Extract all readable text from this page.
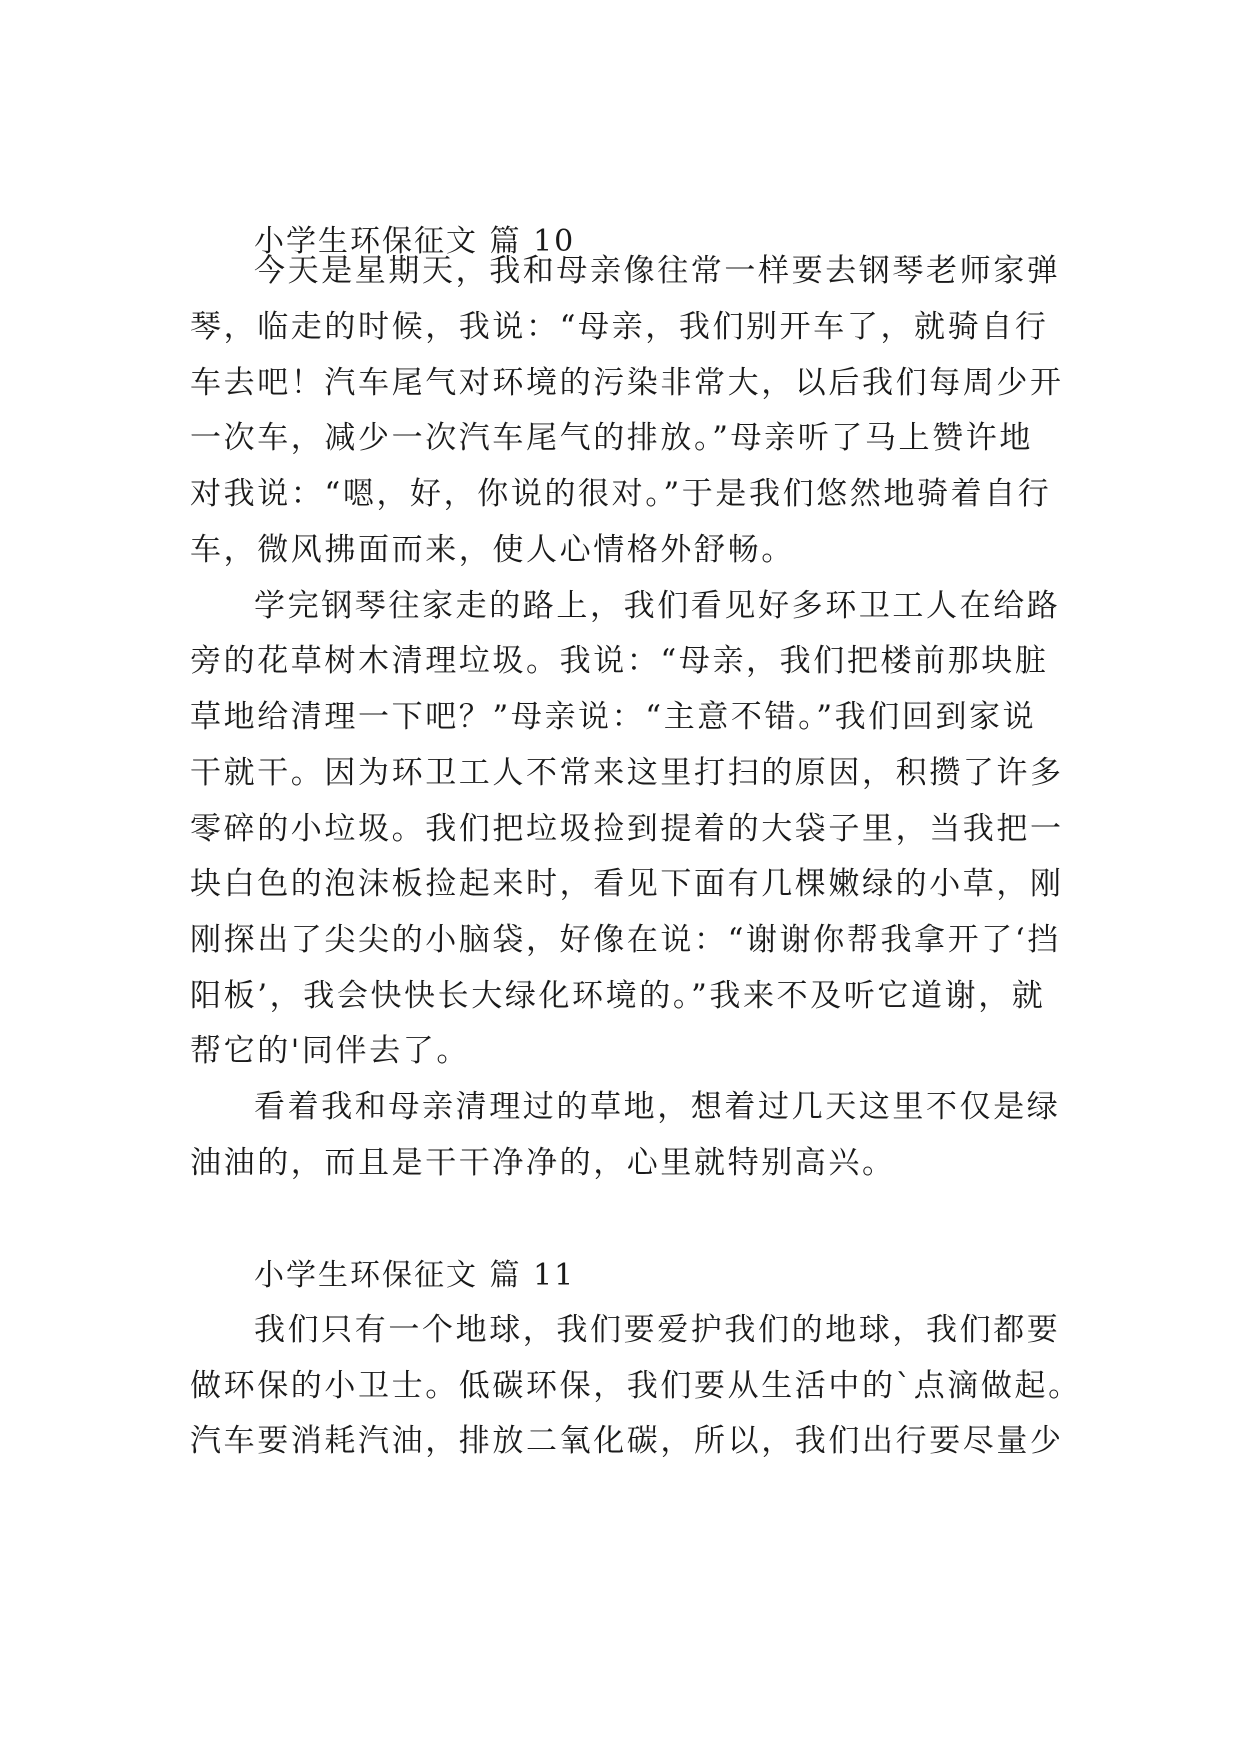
小学生环保征文 篇 10
今天是星期天，我和母亲像往常一样要去钢琴老师家弹
琴，临走的时候，我说：“母亲，我们别开车了，就骑自行
车去吧！汽车尾气对环境的污染非常大，以后我们每周少开
一次车，减少一次汽车尾气的排放。”母亲听了马上赞许地
对我说：“嗯，好，你说的很对。”于是我们悠然地骑着自行
车，微风拂面而来，使人心情格外舒畅。
学完钢琴往家走的路上，我们看见好多环卫工人在给路
旁的花草树木清理垃圾。我说：“母亲，我们把楼前那块脏
草地给清理一下吧？”母亲说：“主意不错。”我们回到家说
干就干。因为环卫工人不常来这里打扫的原因，积攒了许多
零碎的小垃圾。我们把垃圾捡到提着的大袋子里，当我把一
块白色的泡沫板捡起来时，看见下面有几棵嫩绿的小草，刚
刚探出了尖尖的小脑袋，好像在说：“谢谢你帮我拿开了‘挡
阳板’，我会快快长大绿化环境的。”我来不及听它道谢，就
帮它的'同伴去了。
看着我和母亲清理过的草地，想着过几天这里不仅是绿
油油的，而且是干干净净的，心里就特别高兴。
小学生环保征文 篇 11
我们只有一个地球，我们要爱护我们的地球，我们都要
做环保的小卫士。低碳环保，我们要从生活中的`点滴做起。
汽车要消耗汽油，排放二氧化碳，所以，我们出行要尽量少
